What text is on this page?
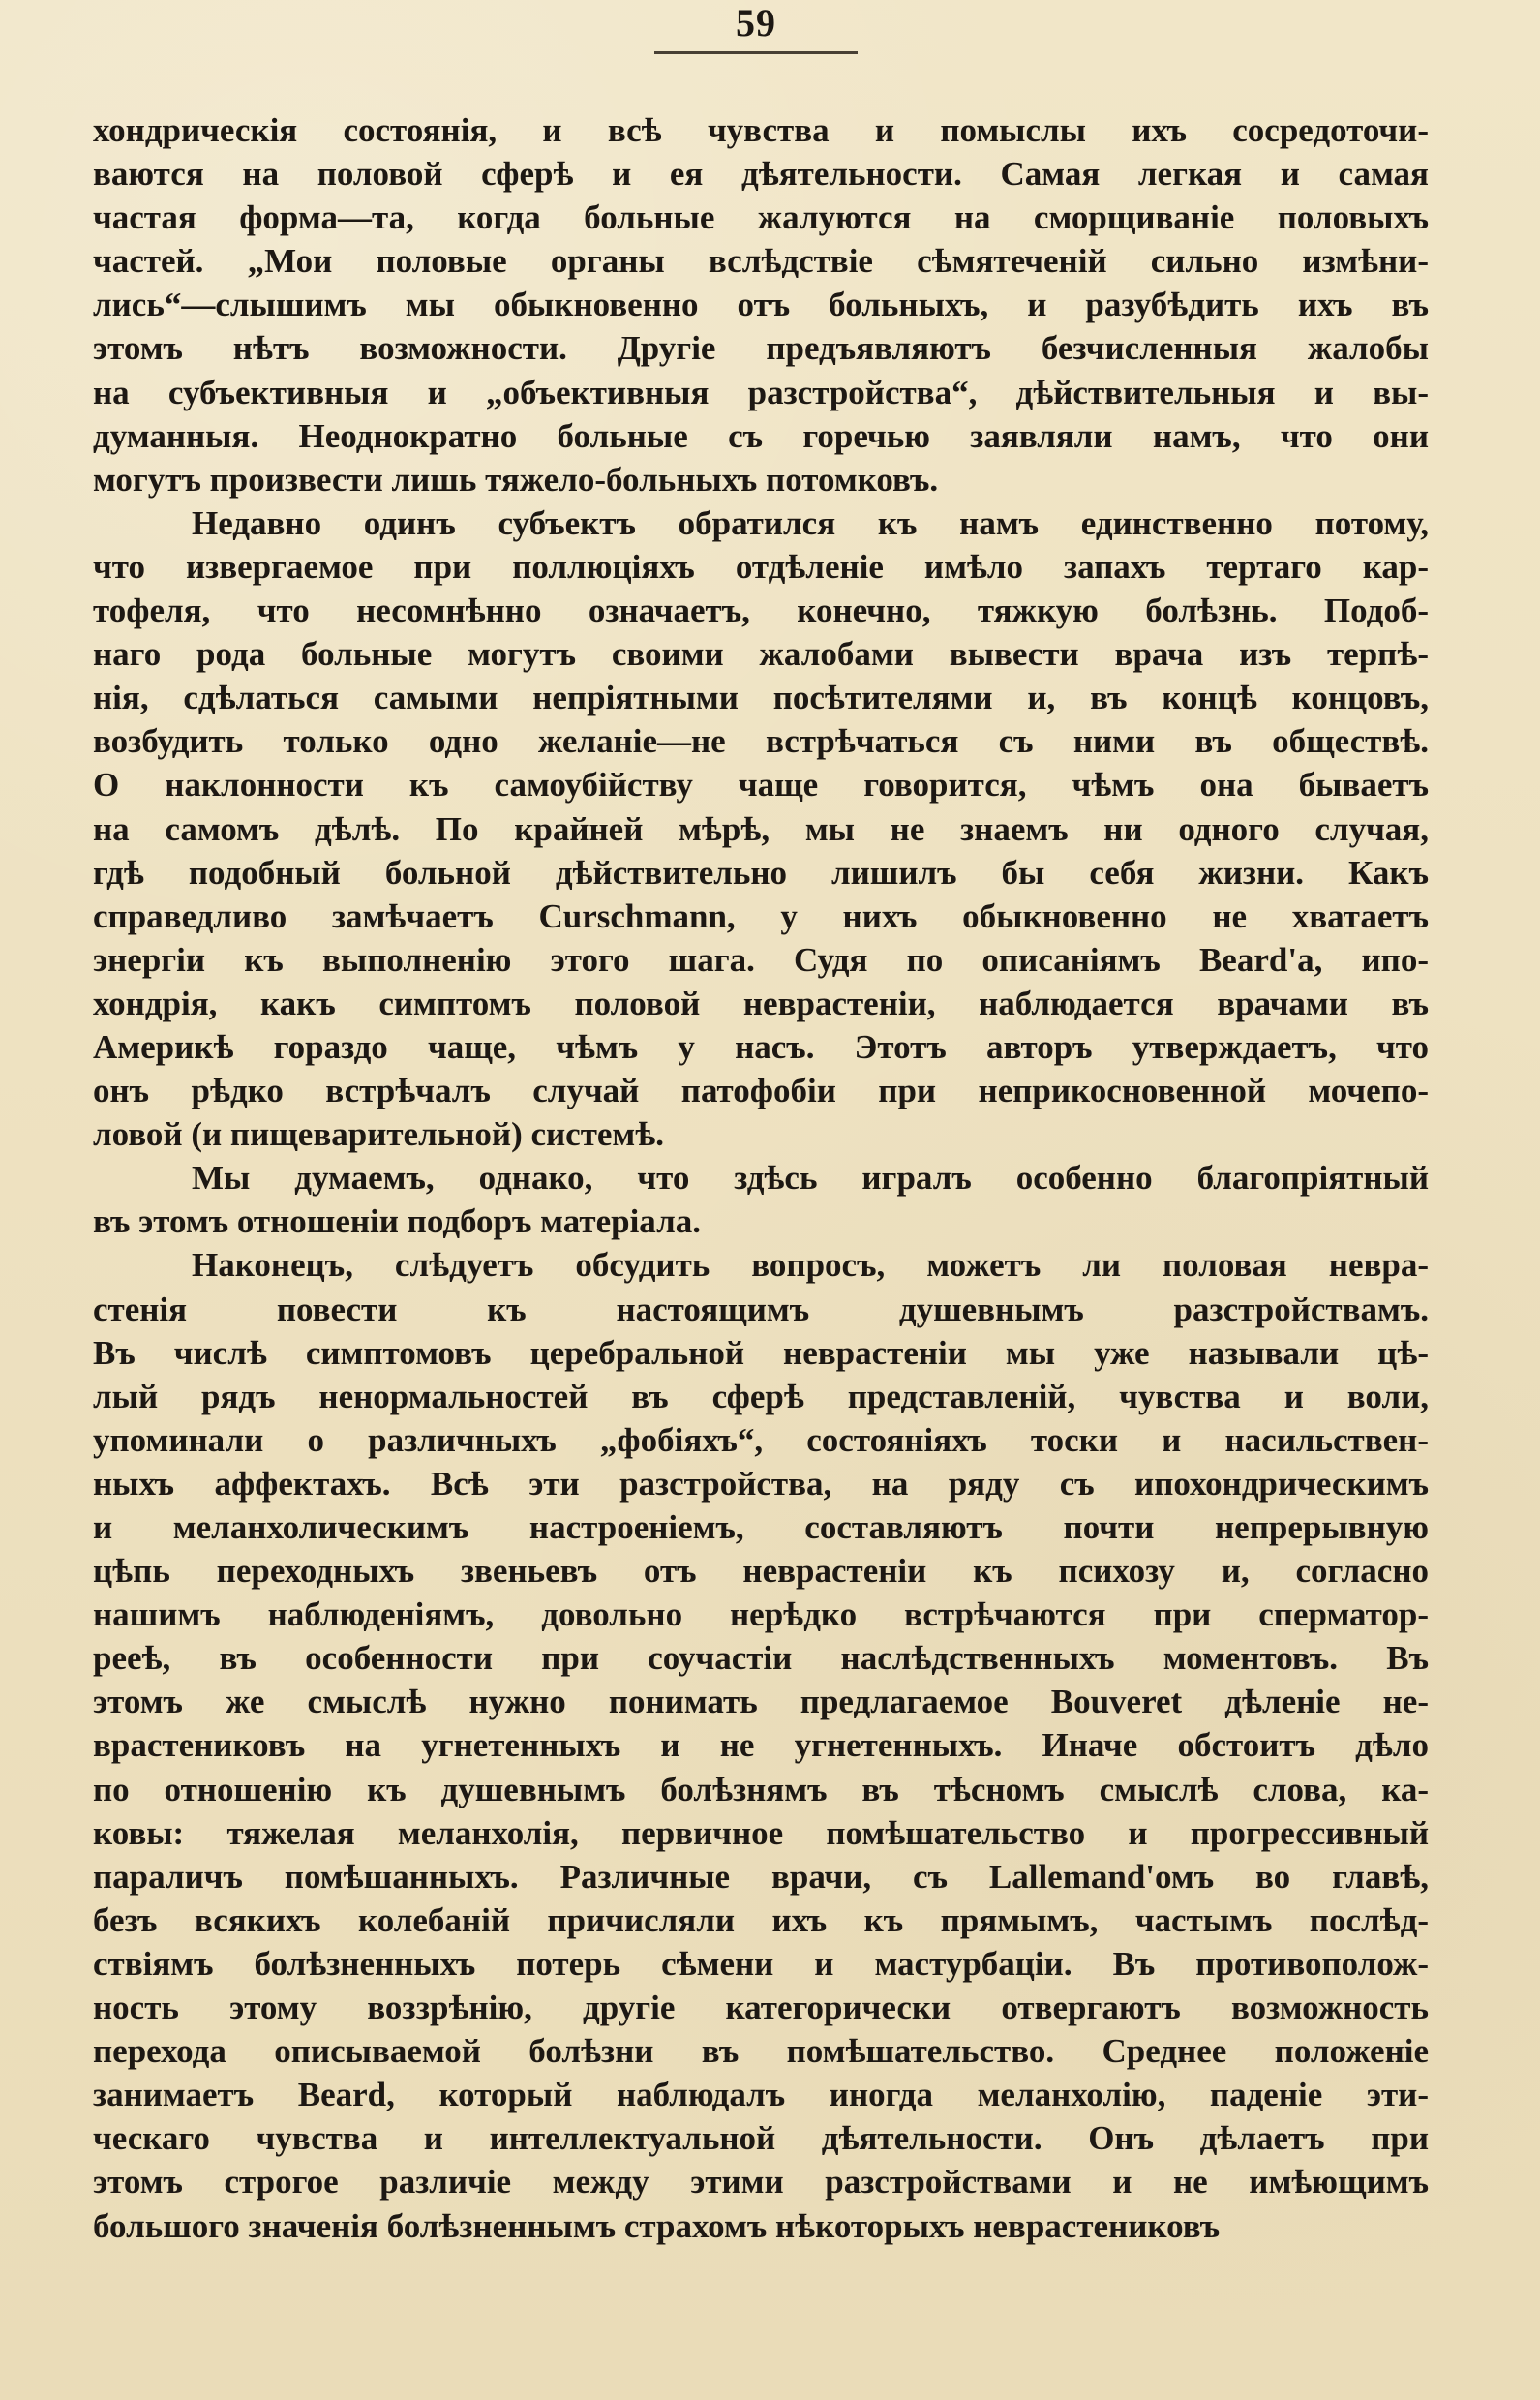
59
хондрическія состоянія, и всѣ чувства и помыслы ихъ сосредоточи-
ваются на половой сферѣ и ея дѣятельности. Самая легкая и самая
частая форма—та, когда больные жалуются на сморщиваніе половыхъ
частей. „Мои половые органы вслѣдствіе сѣмятеченій сильно измѣни-
лись“—слышимъ мы обыкновенно отъ больныхъ, и разубѣдить ихъ въ
этомъ нѣтъ возможности. Другіе предъявляютъ безчисленныя жалобы
на субъективныя и „объективныя разстройства“, дѣйствительныя и вы-
думанныя. Неоднократно больные съ горечью заявляли намъ, что они
могутъ произвести лишь тяжело-больныхъ потомковъ.
Недавно одинъ субъектъ обратился къ намъ единственно потому,
что извергаемое при поллюціяхъ отдѣленіе имѣло запахъ тертаго кар-
тофеля, что несомнѣнно означаетъ, конечно, тяжкую болѣзнь. Подоб-
наго рода больные могутъ своими жалобами вывести врача изъ терпѣ-
нія, сдѣлаться самыми непріятными посѣтителями и, въ концѣ концовъ,
возбудить только одно желаніе—не встрѣчаться съ ними въ обществѣ.
О наклонности къ самоубійству чаще говорится, чѣмъ она бываетъ
на самомъ дѣлѣ. По крайней мѣрѣ, мы не знаемъ ни одного случая,
гдѣ подобный больной дѣйствительно лишилъ бы себя жизни. Какъ
справедливо замѣчаетъ Curschmann, у нихъ обыкновенно не хватаетъ
энергіи къ выполненію этого шага. Судя по описаніямъ Beard'а, ипо-
хондрія, какъ симптомъ половой неврастеніи, наблюдается врачами въ
Америкѣ гораздо чаще, чѣмъ у насъ. Этотъ авторъ утверждаетъ, что
онъ рѣдко встрѣчалъ случай патофобіи при неприкосновенной мочепо-
ловой (и пищеварительной) системѣ.
Мы думаемъ, однако, что здѣсь игралъ особенно благопріятный
въ этомъ отношеніи подборъ матеріала.
Наконецъ, слѣдуетъ обсудить вопросъ, можетъ ли половая невра-
стенія повести къ настоящимъ душевнымъ разстройствамъ.
Въ числѣ симптомовъ церебральной неврастеніи мы уже называли цѣ-
лый рядъ ненормальностей въ сферѣ представленій, чувства и воли,
упоминали о различныхъ „фобіяхъ“, состояніяхъ тоски и насильствен-
ныхъ аффектахъ. Всѣ эти разстройства, на ряду съ ипохондрическимъ
и меланхолическимъ настроеніемъ, составляютъ почти непрерывную
цѣпь переходныхъ звеньевъ отъ неврастеніи къ психозу и, согласно
нашимъ наблюденіямъ, довольно нерѣдко встрѣчаются при сперматор-
реeѣ, въ особенности при соучастіи наслѣдственныхъ моментовъ. Въ
этомъ же смыслѣ нужно понимать предлагаемое Bouveret дѣленіе не-
врастениковъ на угнетенныхъ и не угнетенныхъ. Иначе обстоитъ дѣло
по отношенію къ душевнымъ болѣзнямъ въ тѣсномъ смыслѣ слова, ка-
ковы: тяжелая меланхолія, первичное помѣшательство и прогрессивный
параличъ помѣшанныхъ. Различные врачи, съ Lallemand'омъ во главѣ,
безъ всякихъ колебаній причисляли ихъ къ прямымъ, частымъ послѣд-
ствіямъ болѣзненныхъ потерь сѣмени и мастурбаціи. Въ противополож-
ность этому воззрѣнію, другіе категорически отвергаютъ возможность
перехода описываемой болѣзни въ помѣшательство. Среднее положеніе
занимаетъ Beard, который наблюдалъ иногда меланхолію, паденіе эти-
ческаго чувства и интеллектуальной дѣятельности. Онъ дѣлаетъ при
этомъ строгое различіе между этими разстройствами и не имѣющимъ
большого значенія болѣзненнымъ страхомъ нѣкоторыхъ неврастениковъ
